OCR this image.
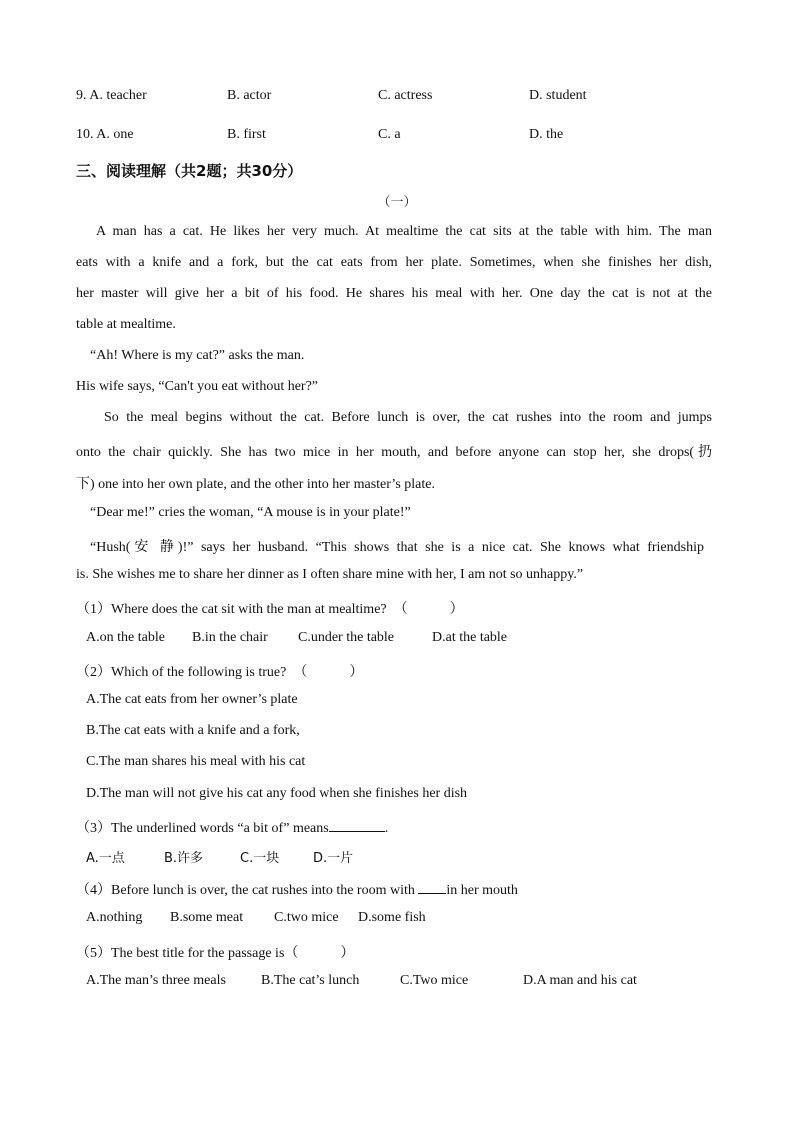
9. A. teacher	B. actor	C. actress	D. student
10. A. one	B. first	C. a	D. the
三、阅读理解（共2题；共30分）
（一）
A man has a cat. He likes her very much. At mealtime the cat sits at the table with him. The man
eats with a knife and a fork, but the cat eats from her plate. Sometimes, when she finishes her dish,
her master will give her a bit of his food. He shares his meal with her. One day the cat is not at the
table at mealtime.
“Ah! Where is my cat?” asks the man.
His wife says, “Can't you eat without her?”
So the meal begins without the cat. Before lunch is over, the cat rushes into the room and jumps
onto the chair quickly. She has two mice in her mouth, and before anyone can stop her, she drops(扔
下) one into her own plate, and the other into her master’s plate.
“Dear me!” cries the woman, “A mouse is in your plate!”
“Hush(安 静)!” says her husband. “This shows that she is a nice cat. She knows what friendship
is. She wishes me to share her dinner as I often share mine with her, I am not so unhappy.”
（1）Where does the cat sit with the man at mealtime?　（　　　）
A.on the table B.in the chair C.under the table	D.at the table
（2）Which of the following is true?　（　　　）
A.The cat eats from her owner’s plate
B.The cat eats with a knife and a fork,
C.The man shares his meal with his cat
D.The man will not give his cat any food when she finishes her dish
（3）The underlined words “a bit of” means	.
A.一点	B.许多	C.一块	D.一片
（4）Before lunch is over, the cat rushes into the room with in her mouth
A.nothing B.some meat C.two mice D.some fish
（5）The best title for the passage is（　　　）
A.The man’s three meals	B.The cat’s lunch	C.Two mice	D.A man and his cat
